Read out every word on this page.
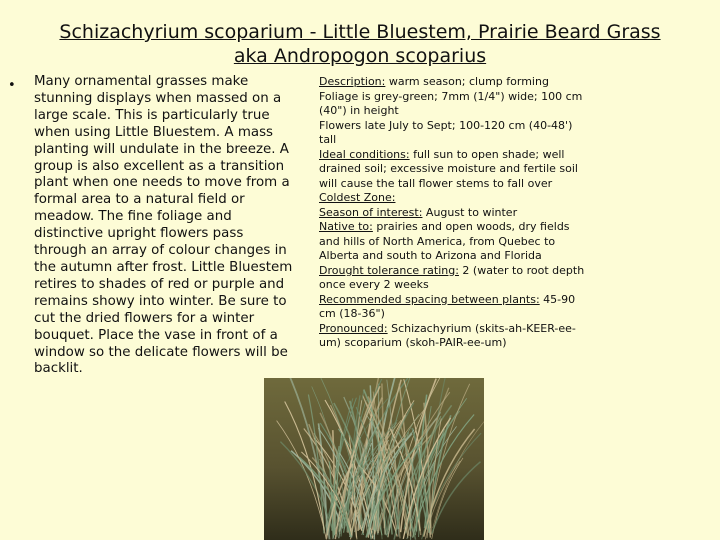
Schizachyrium scoparium - Little Bluestem, Prairie Beard Grass
aka Andropogon scoparius
• Many ornamental grasses make stunning displays when massed on a large scale. This is particularly true when using Little Bluestem. A mass planting will undulate in the breeze. A group is also excellent as a transition plant when one needs to move from a formal area to a natural field or meadow. The fine foliage and distinctive upright flowers pass through an array of colour changes in the autumn after frost. Little Bluestem retires to shades of red or purple and remains showy into winter. Be sure to cut the dried flowers for a winter bouquet. Place the vase in front of a window so the delicate flowers will be backlit.

Description: warm season; clump forming

Foliage is grey-green; 7mm (1/4") wide; 100 cm (40") in height

Flowers late July to Sept; 100-120 cm (40-48') tall

Ideal conditions: full sun to open shade; well drained soil; excessive moisture and fertile soil will cause the tall flower stems to fall over

Coldest Zone:

Season of interest: August to winter

Native to: prairies and open woods, dry fields and hills of North America, from Quebec to Alberta and south to Arizona and Florida

Drought tolerance rating: 2 (water to root depth once every 2 weeks

Recommended spacing between plants: 45-90 cm (18-36")

Pronounced: Schizachyrium (skits-ah-KEER-ee-um) scoparium (skoh-PAIR-ee-um)
